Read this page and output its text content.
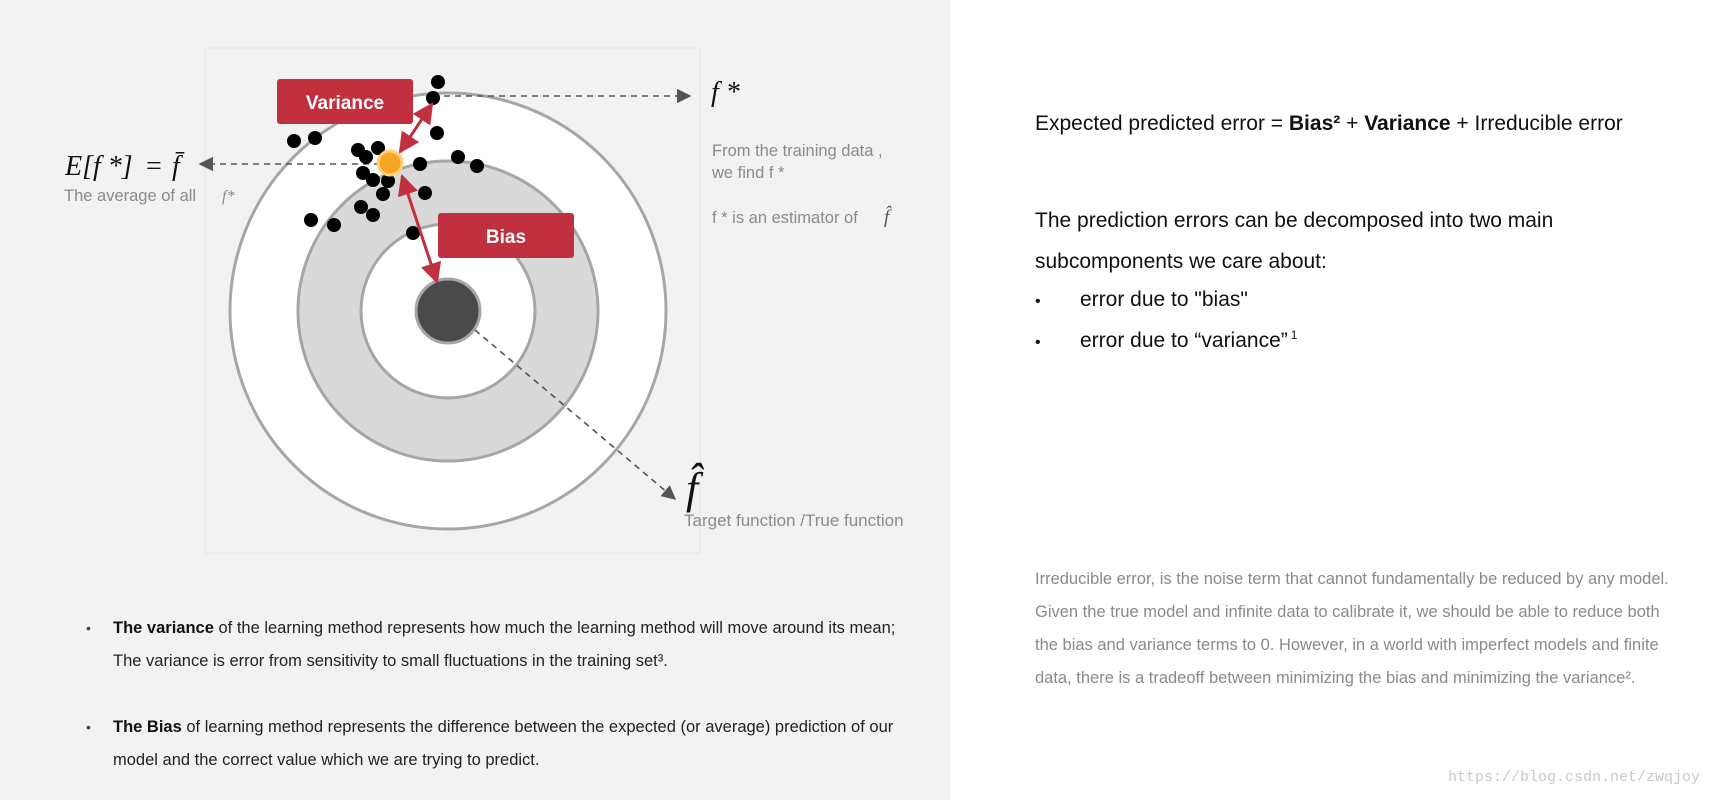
Variance
Bias
f *
E[f *] = f̄
The average of all f*
From the training data ,
we find f *
f * is an estimator of f̂
f̂
Target function /True function
• The variance of the learning method represents how much the learning method will move around its mean; The variance is error from sensitivity to small fluctuations in the training set³.
• The Bias of learning method represents the difference between the expected (or average) prediction of our model and the correct value which we are trying to predict.
Expected predicted error = Bias² + Variance + Irreducible error
The prediction errors can be decomposed into two main subcomponents we care about:
• error due to "bias"
• error due to “variance” $^1$
Irreducible error, is the noise term that cannot fundamentally be reduced by any model. Given the true model and infinite data to calibrate it, we should be able to reduce both the bias and variance terms to 0. However, in a world with imperfect models and finite data, there is a tradeoff between minimizing the bias and minimizing the variance².
https://blog.csdn.net/zwqjoy
